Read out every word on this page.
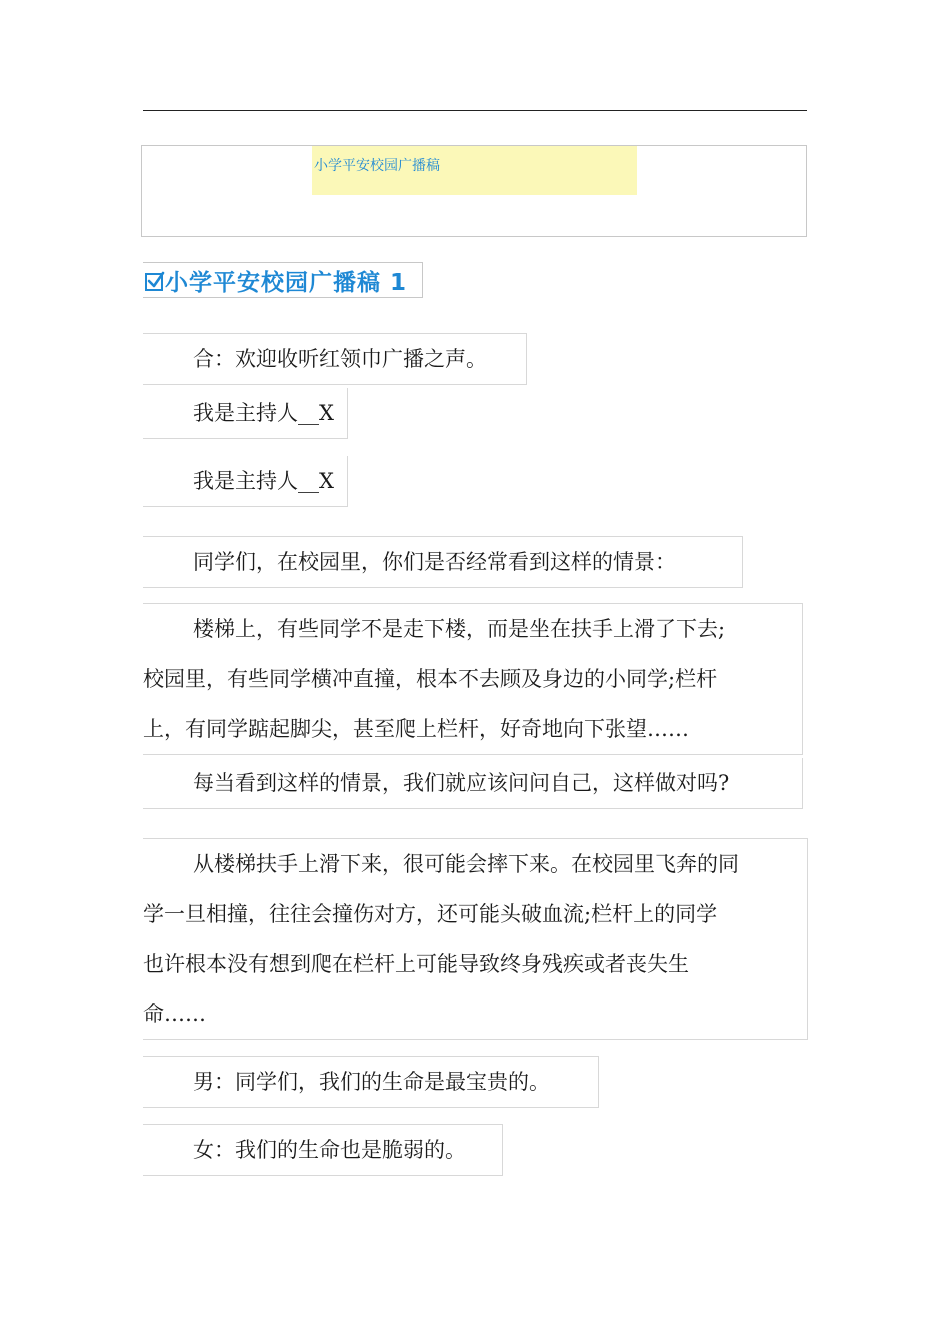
小学平安校园广播稿
小学平安校园广播稿 1
合：欢迎收听红领巾广播之声。
我是主持人__X
我是主持人__X
同学们，在校园里，你们是否经常看到这样的情景：
楼梯上，有些同学不是走下楼，而是坐在扶手上滑了下去;
校园里，有些同学横冲直撞，根本不去顾及身边的小同学;栏杆
上，有同学踮起脚尖，甚至爬上栏杆，好奇地向下张望……
每当看到这样的情景，我们就应该问问自己，这样做对吗?
从楼梯扶手上滑下来，很可能会摔下来。在校园里飞奔的同
学一旦相撞，往往会撞伤对方，还可能头破血流;栏杆上的同学
也许根本没有想到爬在栏杆上可能导致终身残疾或者丧失生
命……
男：同学们，我们的生命是最宝贵的。
女：我们的生命也是脆弱的。
